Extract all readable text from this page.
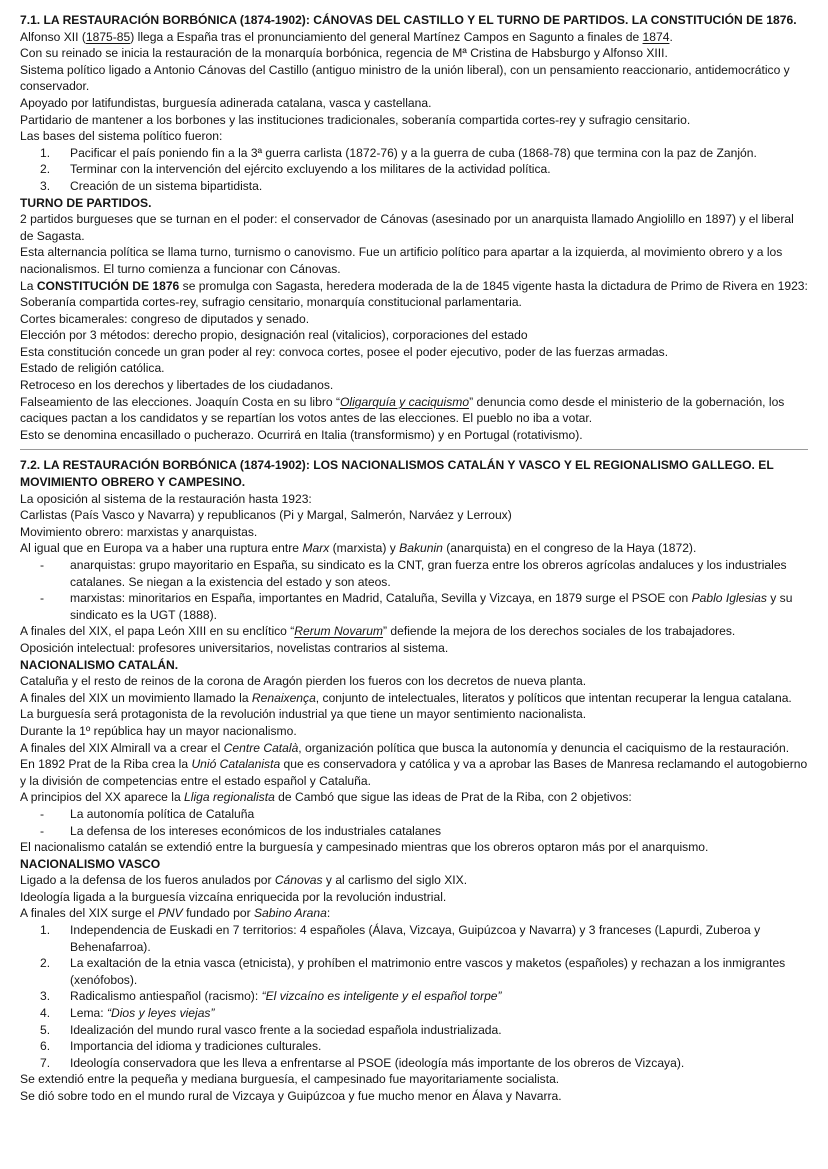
7.1. LA RESTAURACIÓN BORBÓNICA (1874-1902): CÁNOVAS DEL CASTILLO Y EL TURNO DE PARTIDOS. LA CONSTITUCIÓN DE 1876.

Alfonso XII (1875-85) llega a España tras el pronunciamiento del general Martínez Campos en Sagunto a finales de 1874.

Con su reinado se inicia la restauración de la monarquía borbónica, regencia de Mª Cristina de Habsburgo y Alfonso XIII.

Sistema político ligado a Antonio Cánovas del Castillo (antiguo ministro de la unión liberal), con un pensamiento reaccionario, antidemocrático y conservador.

Apoyado por latifundistas, burguesía adinerada catalana, vasca y castellana.

Partidario de mantener a los borbones y las instituciones tradicionales, soberanía compartida cortes-rey y sufragio censitario.

Las bases del sistema político fueron:

1.	Pacificar el país poniendo fin a la 3ª guerra carlista (1872-76) y a la guerra de cuba (1868-78) que termina con la paz de Zanjón.
2.	Terminar con la intervención del ejército excluyendo a los militares de la actividad política.
3.	Creación de un sistema bipartidista.

TURNO DE PARTIDOS.

2 partidos burgueses que se turnan en el poder: el conservador de Cánovas (asesinado por un anarquista llamado Angiolillo en 1897) y el liberal de Sagasta.

Esta alternancia política se llama turno, turnismo o canovismo. Fue un artificio político para apartar a la izquierda, al movimiento obrero y a los nacionalismos. El turno comienza a funcionar con Cánovas.

La CONSTITUCIÓN DE 1876 se promulga con Sagasta, heredera moderada de la de 1845 vigente hasta la dictadura de Primo de Rivera en 1923: Soberanía compartida cortes-rey, sufragio censitario, monarquía constitucional parlamentaria.

Cortes bicamerales: congreso de diputados y senado.

Elección por 3 métodos: derecho propio, designación real (vitalicios), corporaciones del estado

Esta constitución concede un gran poder al rey: convoca cortes, posee el poder ejecutivo, poder de las fuerzas armadas.

Estado de religión católica.

Retroceso en los derechos y libertades de los ciudadanos.

Falseamiento de las elecciones. Joaquín Costa en su libro “Oligarquía y caciquismo” denuncia como desde el ministerio de la gobernación, los caciques pactan a los candidatos y se repartían los votos antes de las elecciones. El pueblo no iba a votar.

Esto se denomina encasillado o pucherazo. Ocurrirá en Italia (transformismo) y en Portugal (rotativismo).

7.2. LA RESTAURACIÓN BORBÓNICA (1874-1902): LOS NACIONALISMOS CATALÁN Y VASCO Y EL REGIONALISMO GALLEGO. EL MOVIMIENTO OBRERO Y CAMPESINO.

La oposición al sistema de la restauración hasta 1923:

Carlistas (País Vasco y Navarra) y republicanos (Pi y Margal, Salmerón, Narváez y Lerroux)

Movimiento obrero: marxistas y anarquistas.

Al igual que en Europa va a haber una ruptura entre Marx (marxista) y Bakunin (anarquista) en el congreso de la Haya (1872).

-	anarquistas: grupo mayoritario en España, su sindicato es la CNT, gran fuerza entre los obreros agrícolas andaluces y los industriales catalanes. Se niegan a la existencia del estado y son ateos.
-	marxistas: minoritarios en España, importantes en Madrid, Cataluña, Sevilla y Vizcaya, en 1879 surge el PSOE con Pablo Iglesias y su sindicato es la UGT (1888).

A finales del XIX, el papa León XIII en su enclítico “Rerum Novarum” defiende la mejora de los derechos sociales de los trabajadores.

Oposición intelectual: profesores universitarios, novelistas contrarios al sistema.

NACIONALISMO CATALÁN.

Cataluña y el resto de reinos de la corona de Aragón pierden los fueros con los decretos de nueva planta.

A finales del XIX un movimiento llamado la Renaixença, conjunto de intelectuales, literatos y políticos que intentan recuperar la lengua catalana.

La burguesía será protagonista de la revolución industrial ya que tiene un mayor sentimiento nacionalista.

Durante la 1º república hay un mayor nacionalismo.

A finales del XIX Almirall va a crear el Centre Català, organización política que busca la autonomía y denuncia el caciquismo de la restauración.

En 1892 Prat de la Riba crea la Unió Catalanista que es conservadora y católica y va a aprobar las Bases de Manresa reclamando el autogobierno y la división de competencias entre el estado español y Cataluña.

A principios del XX aparece la Lliga regionalista de Cambó que sigue las ideas de Prat de la Riba, con 2 objetivos:

-	La autonomía política de Cataluña
-	La defensa de los intereses económicos de los industriales catalanes

El nacionalismo catalán se extendió entre la burguesía y campesinado mientras que los obreros optaron más por el anarquismo.

NACIONALISMO VASCO

Ligado a la defensa de los fueros anulados por Cánovas y al carlismo del siglo XIX.

Ideología ligada a la burguesía vizcaína enriquecida por la revolución industrial.

A finales del XIX surge el PNV fundado por Sabino Arana:

1.	Independencia de Euskadi en 7 territorios: 4 españoles (Álava, Vizcaya, Guipúzcoa y Navarra) y 3 franceses (Lapurdi, Zuberoa y Behenafarroa).
2.	La exaltación de la etnia vasca (etnicista), y prohíben el matrimonio entre vascos y maketos (españoles) y rechazan a los inmigrantes (xenófobos).
3.	Radicalismo antiespañol (racismo): “El vizcaíno es inteligente y el español torpe”
4.	Lema: “Dios y leyes viejas”
5.	Idealización del mundo rural vasco frente a la sociedad española industrializada.
6.	Importancia del idioma y tradiciones culturales.
7.	Ideología conservadora que les lleva a enfrentarse al PSOE (ideología más importante de los obreros de Vizcaya).

Se extendió entre la pequeña y mediana burguesía, el campesinado fue mayoritariamente socialista.

Se dió sobre todo en el mundo rural de Vizcaya y Guipúzcoa y fue mucho menor en Álava y Navarra.
